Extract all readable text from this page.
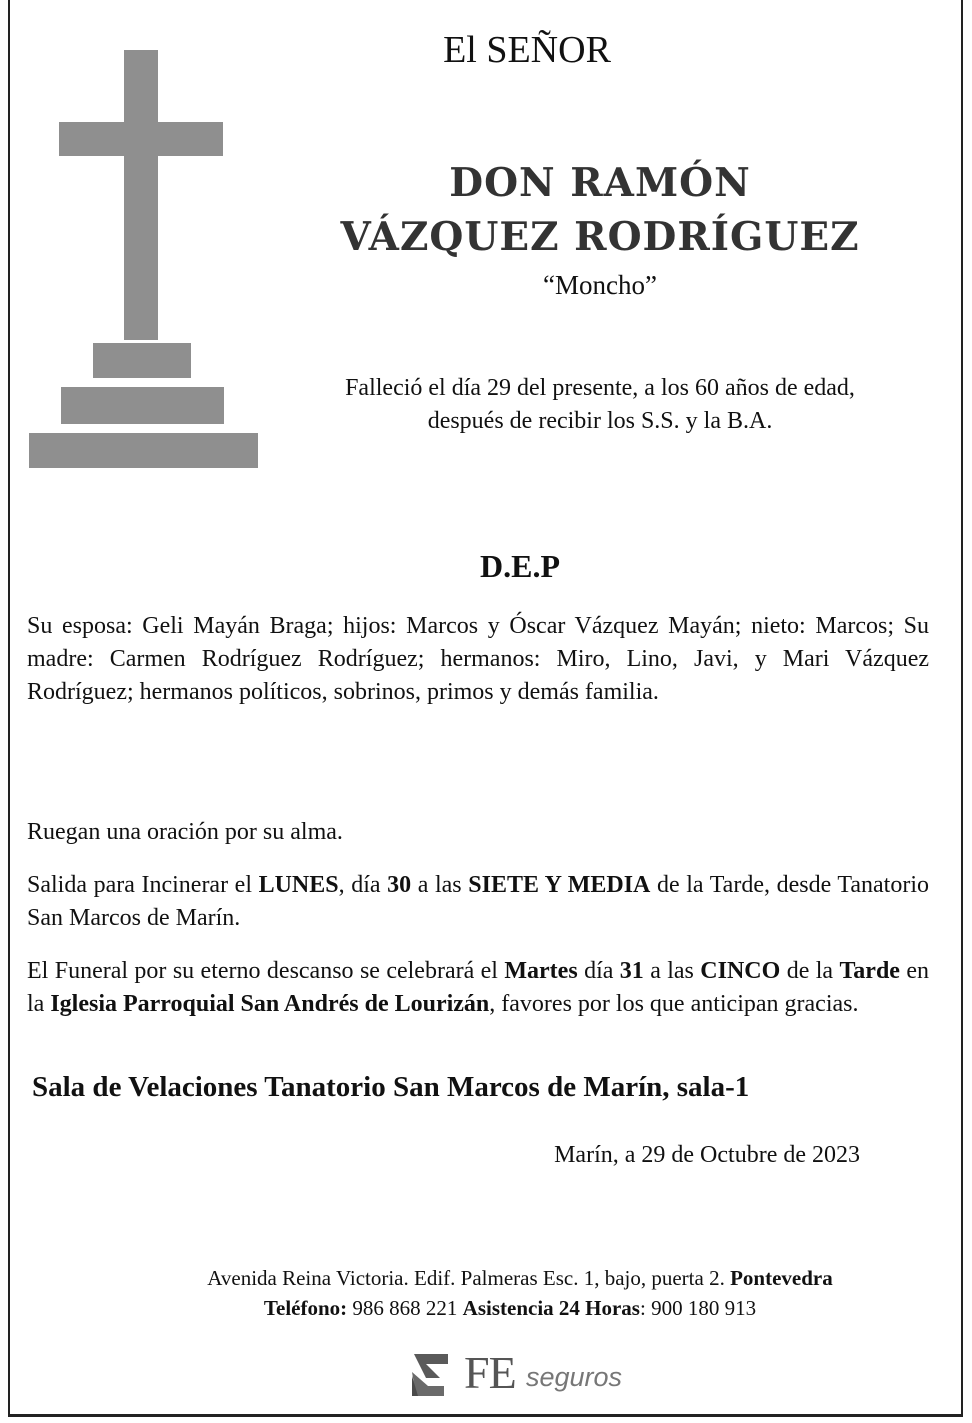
El SEÑOR
DON RAMÓN
VÁZQUEZ RODRÍGUEZ
“Moncho”
Falleció el día 29 del presente, a los 60 años de edad,
después de recibir los S.S. y la B.A.
D.E.P
Su esposa: Geli Mayán Braga; hijos: Marcos y Óscar Vázquez Mayán; nieto: Marcos; Su madre: Carmen Rodríguez Rodríguez; hermanos: Miro, Lino, Javi, y Mari Vázquez Rodríguez; hermanos políticos, sobrinos, primos y demás familia.
Ruegan una oración por su alma.
Salida para Incinerar el LUNES, día 30 a las SIETE Y MEDIA de la Tarde, desde Tanatorio San Marcos de Marín.
El Funeral por su eterno descanso se celebrará el Martes día 31 a las CINCO de la Tarde en la Iglesia Parroquial San Andrés de Lourizán, favores por los que anticipan gracias.
Sala de Velaciones Tanatorio San Marcos de Marín, sala-1
Marín, a 29 de Octubre de 2023
Avenida Reina Victoria. Edif. Palmeras Esc. 1, bajo, puerta 2. Pontevedra
Teléfono: 986 868 221 Asistencia 24 Horas: 900 180 913
FE seguros
